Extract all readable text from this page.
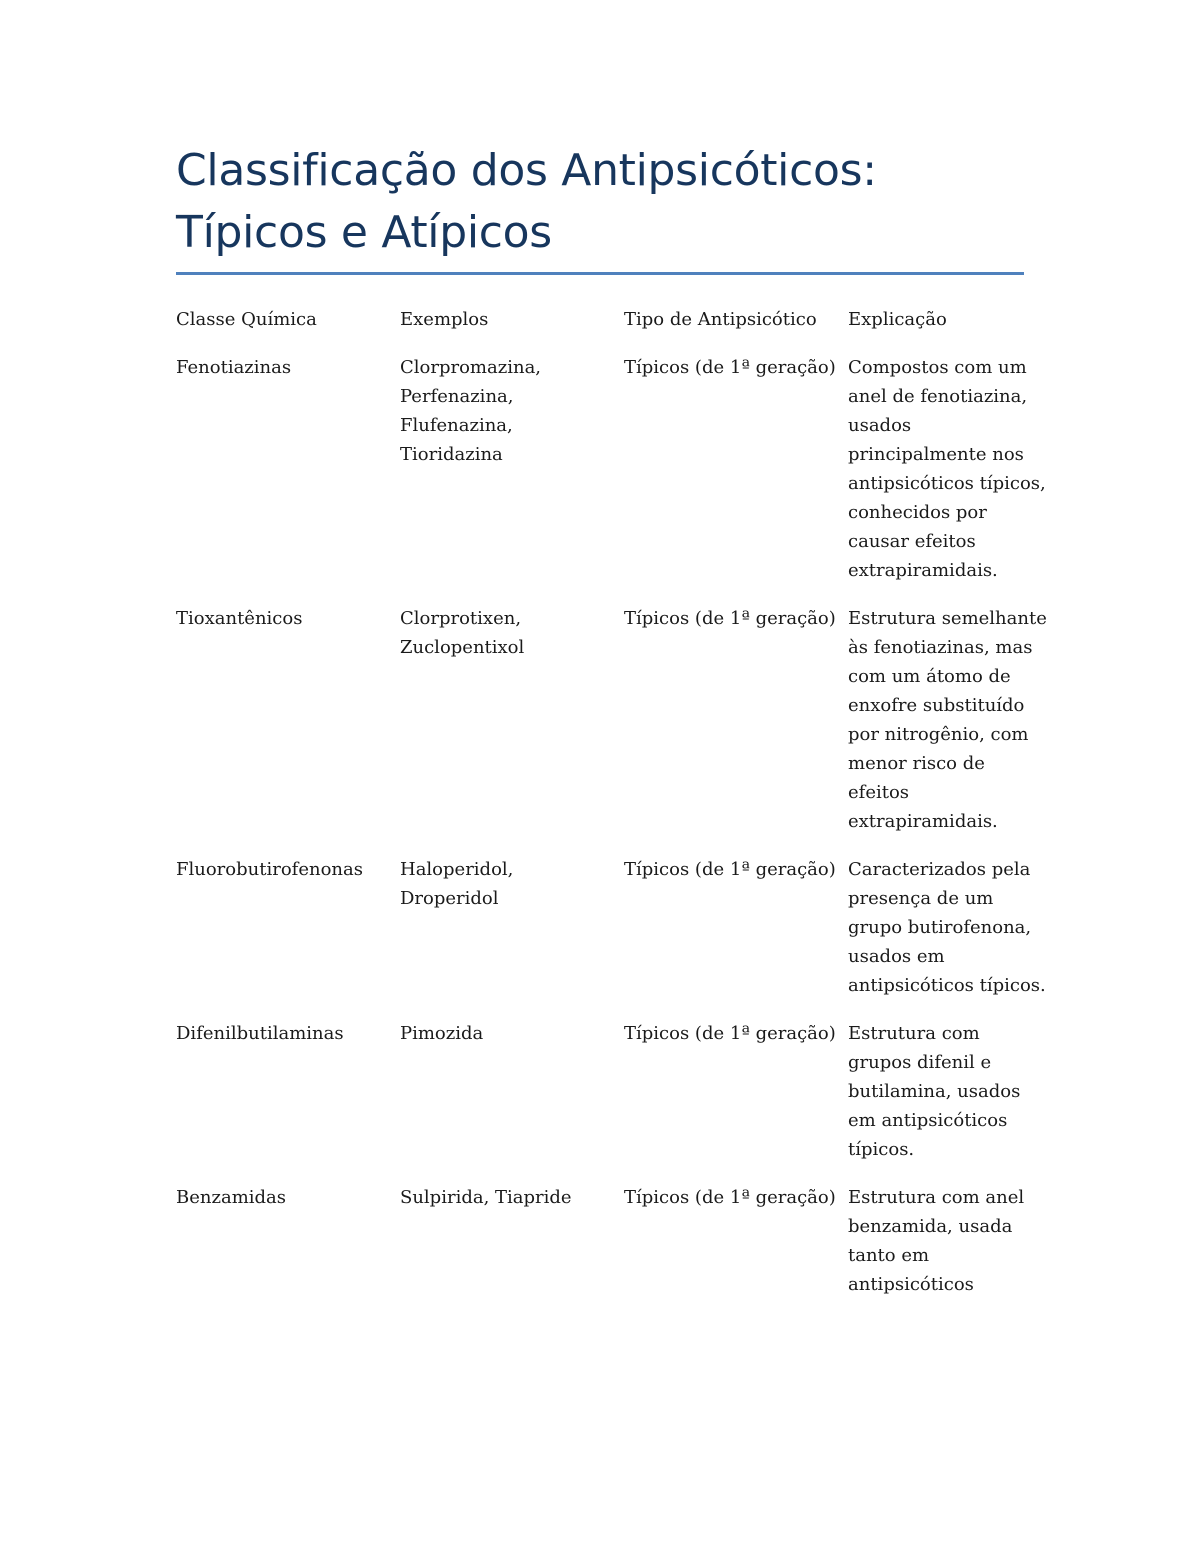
Classificação dos Antipsicóticos: Típicos e Atípicos
Classe Química	Exemplos	Tipo de Antipsicótico	Explicação
Fenotiazinas	Clorpromazina, Perfenazina, Flufenazina, Tioridazina	Típicos (de 1ª geração)	Compostos com um anel de fenotiazina, usados principalmente nos antipsicóticos típicos, conhecidos por causar efeitos extrapiramidais.
Tioxantênicos	Clorprotixen, Zuclopentixol	Típicos (de 1ª geração)	Estrutura semelhante às fenotiazinas, mas com um átomo de enxofre substituído por nitrogênio, com menor risco de efeitos extrapiramidais.
Fluorobutirofenonas	Haloperidol, Droperidol	Típicos (de 1ª geração)	Caracterizados pela presença de um grupo butirofenona, usados em antipsicóticos típicos.
Difenilbutilaminas	Pimozida	Típicos (de 1ª geração)	Estrutura com grupos difenil e butilamina, usados em antipsicóticos típicos.
Benzamidas	Sulpirida, Tiapride	Típicos (de 1ª geração)	Estrutura com anel benzamida, usada tanto em antipsicóticos
